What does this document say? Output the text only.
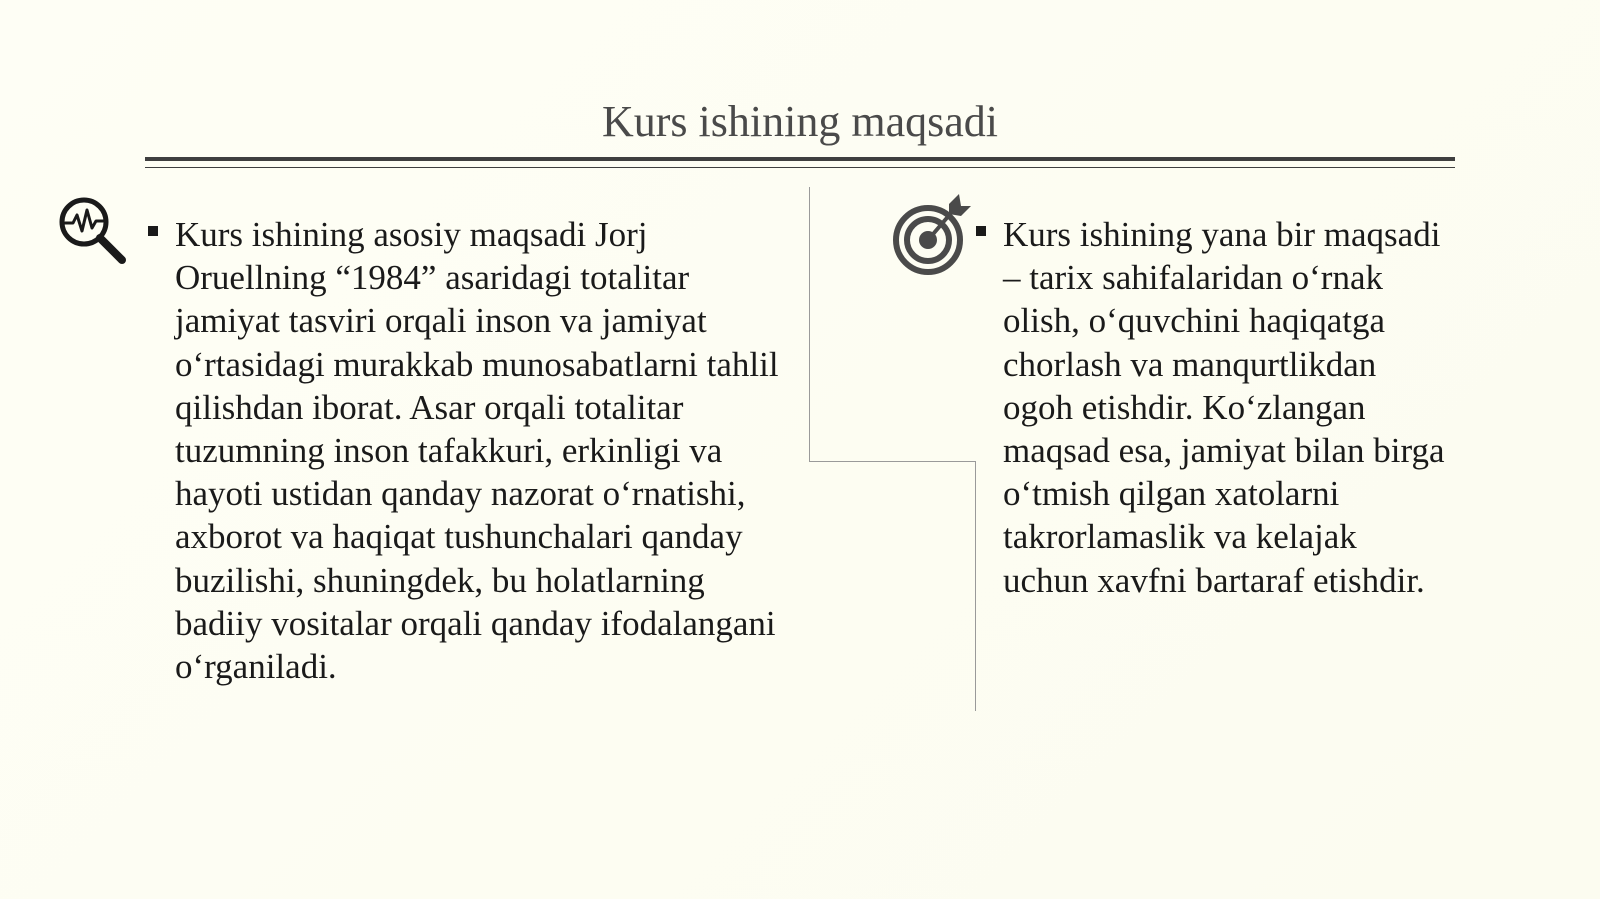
Kurs ishining maqsadi
Kurs ishining asosiy maqsadi Jorj Oruellning “1984” asaridagi totalitar jamiyat tasviri orqali inson va jamiyat o‘rtasidagi murakkab munosabatlarni tahlil qilishdan iborat. Asar orqali totalitar tuzumning inson tafakkuri, erkinligi va hayoti ustidan qanday nazorat o‘rnatishi, axborot va haqiqat tushunchalari qanday buzilishi, shuningdek, bu holatlarning badiiy vositalar orqali qanday ifodalangani o‘rganiladi.
Kurs ishining yana bir maqsadi – tarix sahifalaridan o‘rnak olish, o‘quvchini haqiqatga chorlash va manqurtlikdan ogoh etishdir. Ko‘zlangan maqsad esa, jamiyat bilan birga o‘tmish qilgan xatolarni takrorlamaslik va kelajak uchun xavfni bartaraf etishdir.
